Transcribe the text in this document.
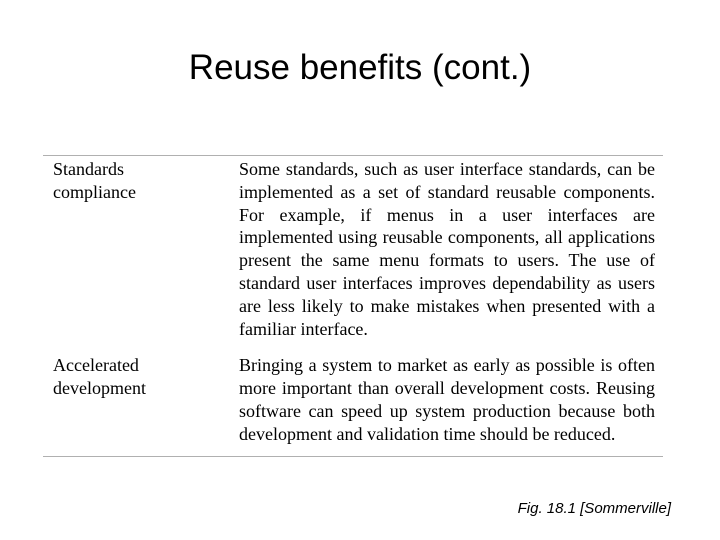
Reuse benefits (cont.)
Standards compliance	Some standards, such as user interface standards, can be implemented as a set of standard reusable components. For example, if menus in a user interfaces are implemented using reusable components, all applications present the same menu formats to users. The use of standard user interfaces improves dependability as users are less likely to make mistakes when presented with a familiar interface.

Accelerated development	Bringing a system to market as early as possible is often more important than overall development costs. Reusing software can speed up system production because both development and validation time should be reduced.
Fig. 18.1 [Sommerville]
